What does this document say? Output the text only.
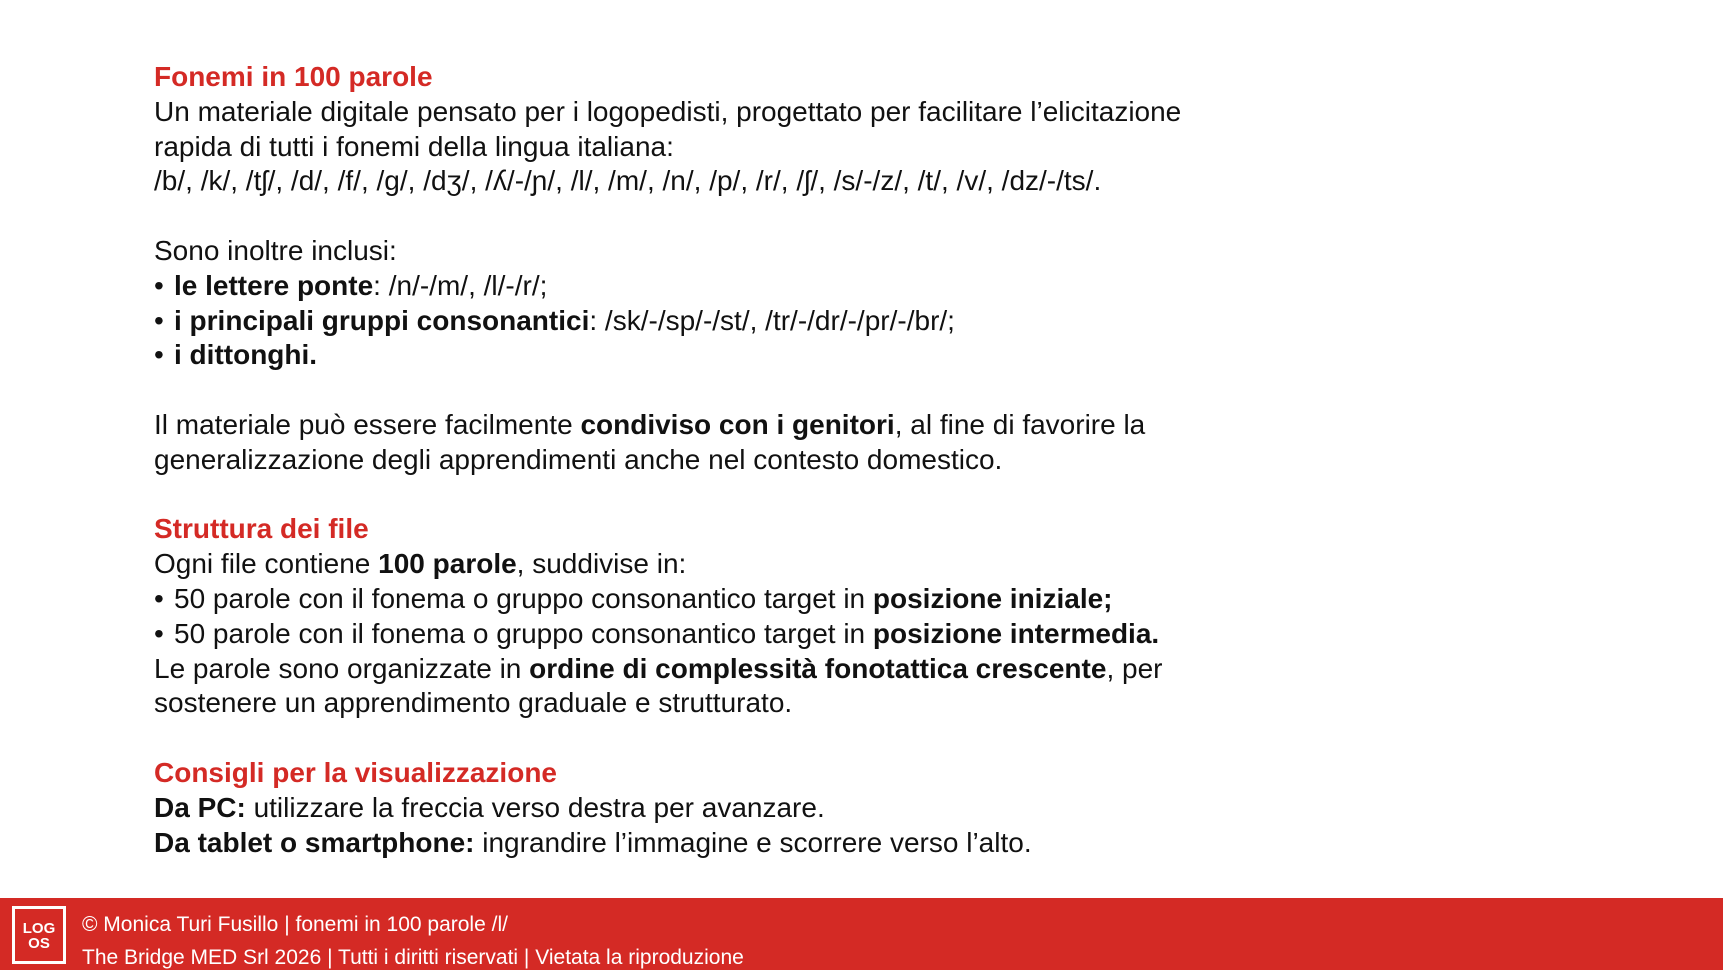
Fonemi in 100 parole
Un materiale digitale pensato per i logopedisti, progettato per facilitare l’elicitazione
rapida di tutti i fonemi della lingua italiana:
/b/, /k/, /tʃ/, /d/, /f/, /g/, /dʒ/, /ʎ/-/ɲ/, /l/, /m/, /n/, /p/, /r/, /ʃ/, /s/-/z/, /t/, /v/, /dz/-/ts/.
Sono inoltre inclusi:
• le lettere ponte: /n/-/m/, /l/-/r/;
• i principali gruppi consonantici: /sk/-/sp/-/st/, /tr/-/dr/-/pr/-/br/;
• i dittonghi.
Il materiale può essere facilmente condiviso con i genitori, al fine di favorire la
generalizzazione degli apprendimenti anche nel contesto domestico.
Struttura dei file
Ogni file contiene 100 parole, suddivise in:
• 50 parole con il fonema o gruppo consonantico target in posizione iniziale;
• 50 parole con il fonema o gruppo consonantico target in posizione intermedia.
Le parole sono organizzate in ordine di complessità fonotattica crescente, per
sostenere un apprendimento graduale e strutturato.
Consigli per la visualizzazione
Da PC: utilizzare la freccia verso destra per avanzare.
Da tablet o smartphone: ingrandire l’immagine e scorrere verso l’alto.
LOG
OS
© Monica Turi Fusillo | fonemi in 100 parole /l/
The Bridge MED Srl 2026 | Tutti i diritti riservati | Vietata la riproduzione
